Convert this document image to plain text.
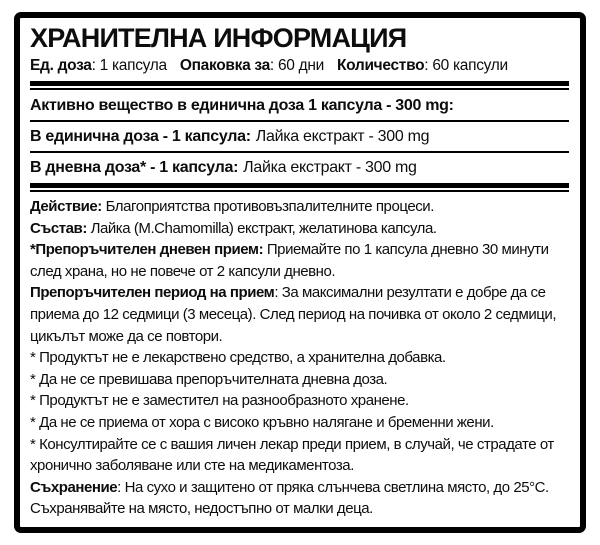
ХРАНИТЕЛНА ИНФОРМАЦИЯ
Ед. доза: 1 капсула Опаковка за: 60 дни Количество: 60 капсули
Активно вещество в единична доза 1 капсула - 300 mg:
В единична доза - 1 капсула: Лайка екстракт - 300 mg
В дневна доза* - 1 капсула: Лайка екстракт - 300 mg

Действие: Благоприятства противовъзпалителните процеси.

Състав: Лайка (M.Chamomilla) екстракт, желатинова капсула.

*Препоръчителен дневен прием: Приемайте по 1 капсула дневно 30 минути след храна, но не повече от 2 капсули дневно.

Препоръчителен период на прием: За максимални резултати е добре да се приема до 12 седмици (3 месеца). След период на почивка от около 2 седмици, цикълът може да се повтори.

* Продуктът не е лекарствено средство, а хранителна добавка.

* Да не се превишава препоръчителната дневна доза.

* Продуктът не е заместител на разнообразното хранене.

* Да не се приема от хора с високо кръвно налягане и бременни жени.

* Консултирайте се с вашия личен лекар преди прием, в случай, че страдате от хронично заболяване или сте на медикаментоза.

Съхранение: На сухо и защитено от пряка слънчева светлина място, до 25°C. Съхранявайте на място, недостъпно от малки деца.
